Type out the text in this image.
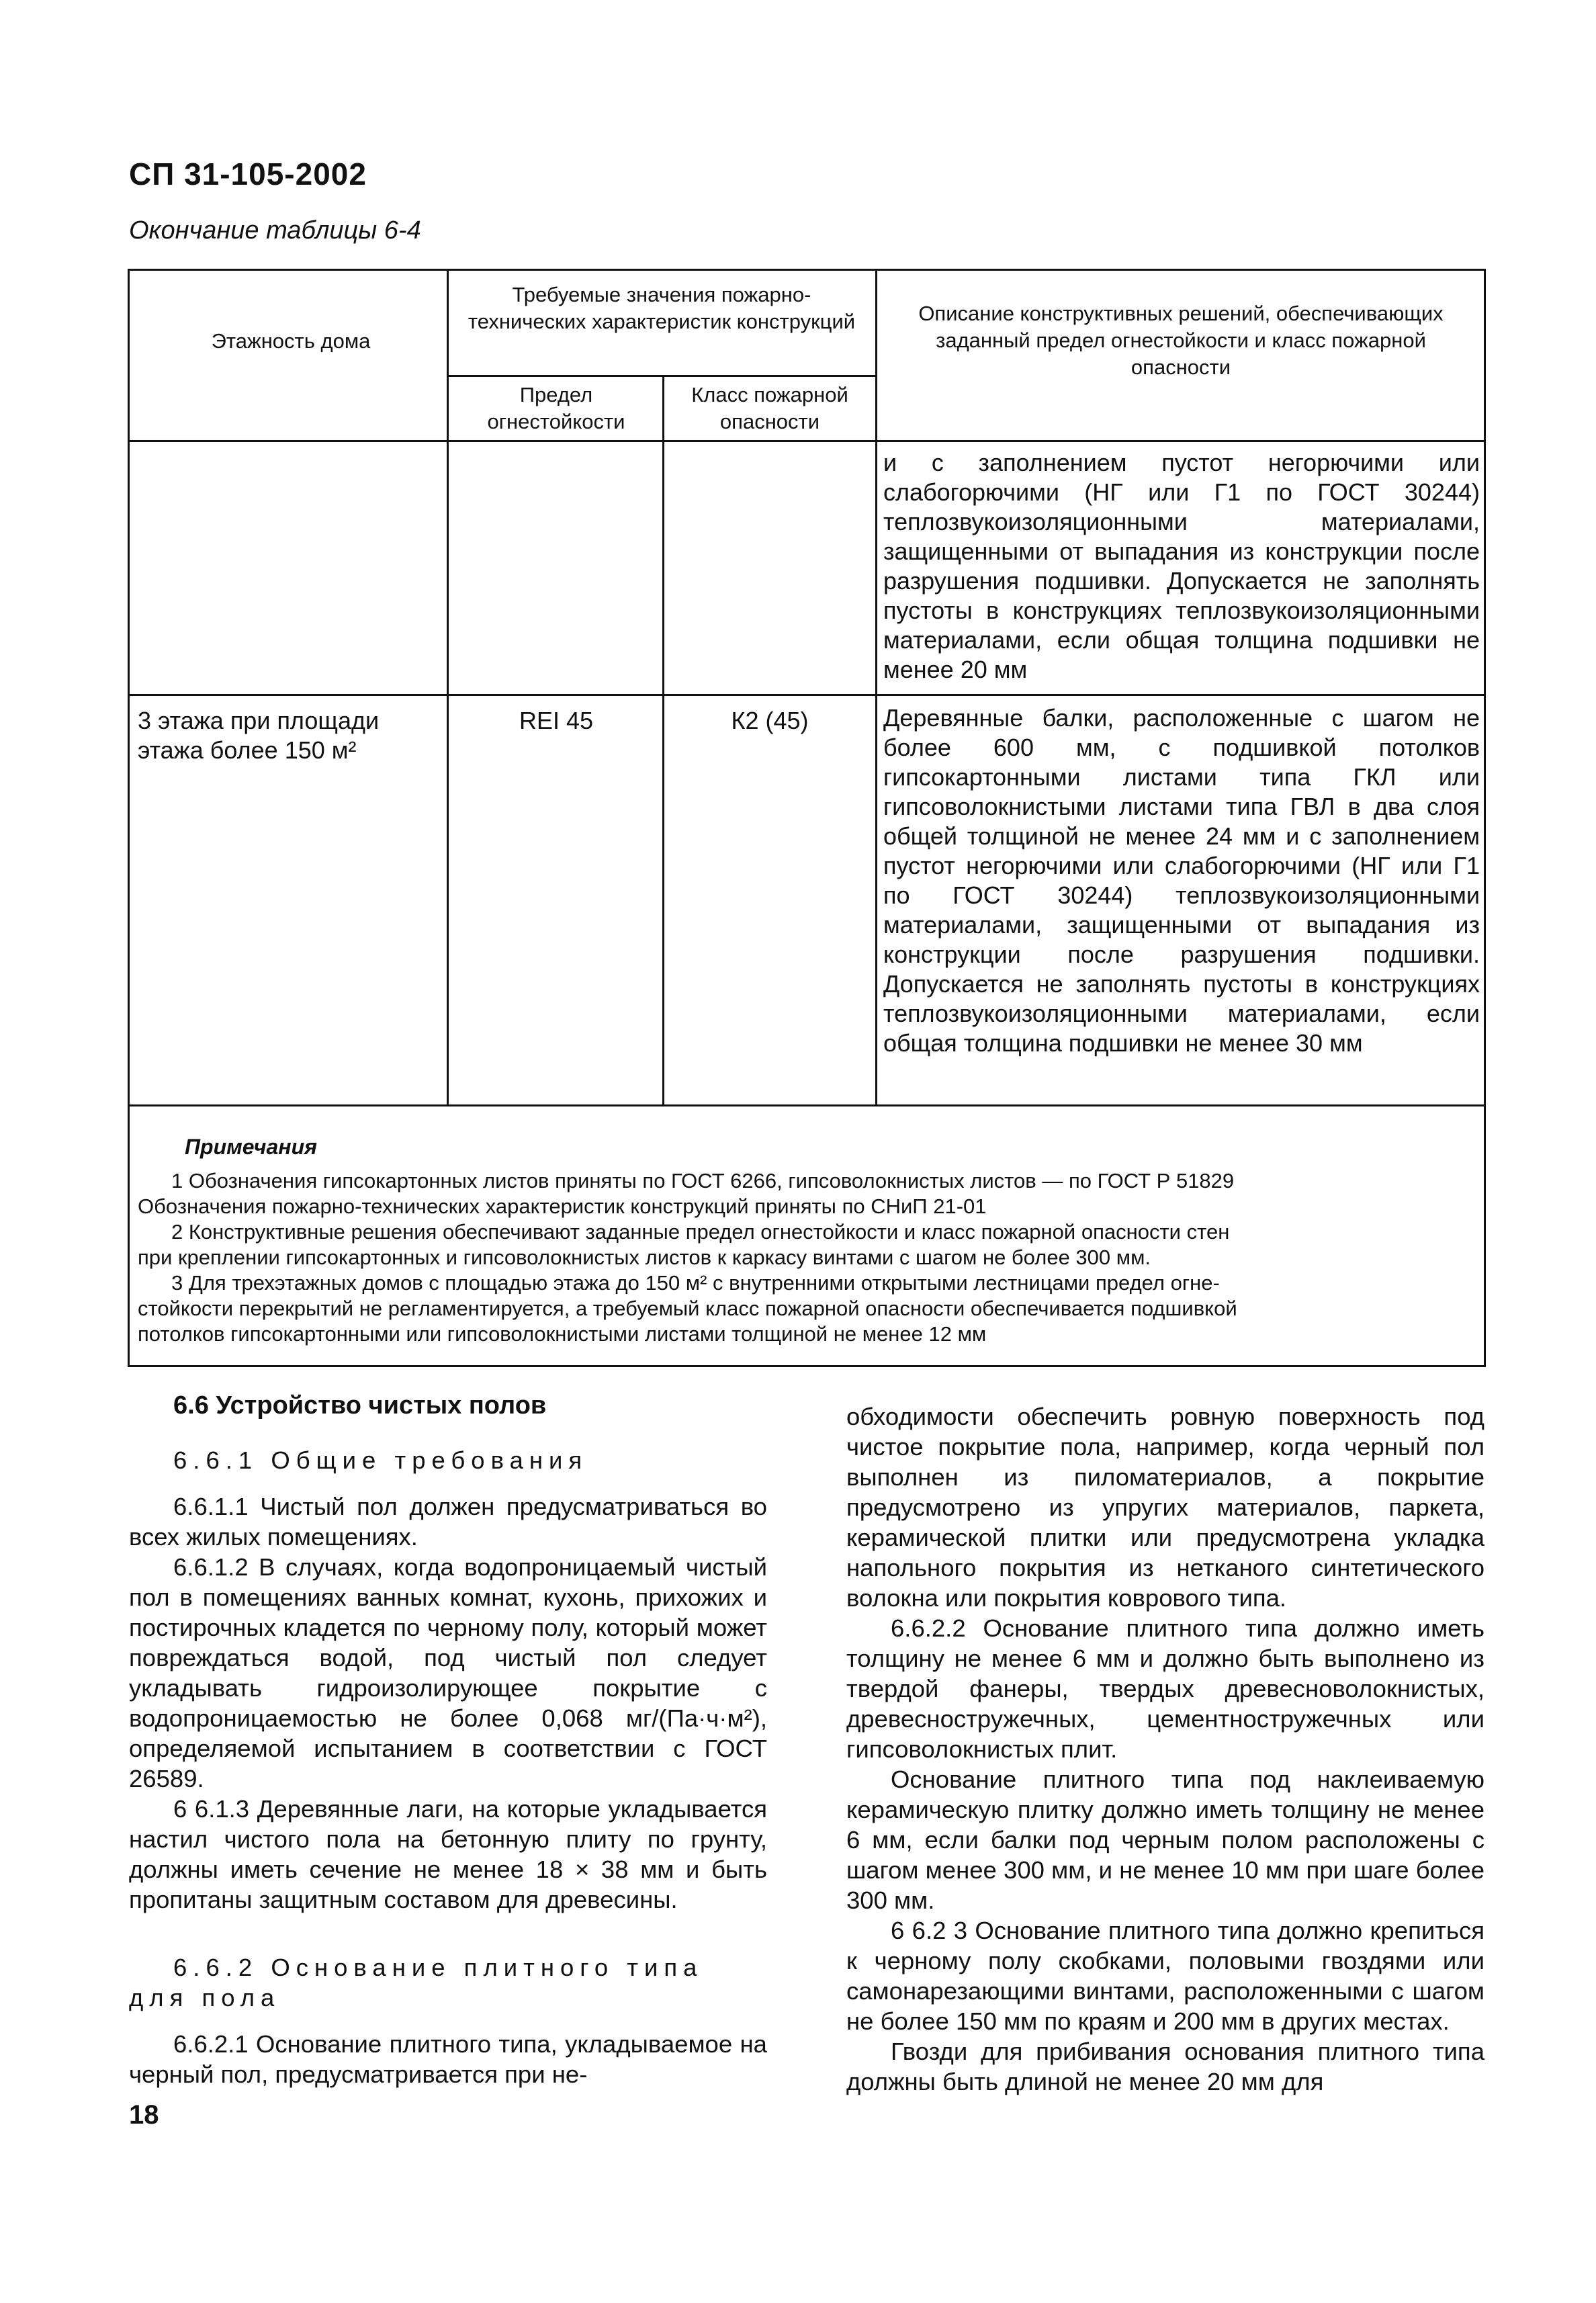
СП 31-105-2002
Окончание таблицы 6-4
Этажность дома
Требуемые значения пожарно-технических характеристик конструкций
Предел огнестойкости
Класс пожарной опасности
Описание конструктивных решений, обеспечивающих заданный предел огнестойкости и класс пожарной опасности
и с заполнением пустот негорючими или слабогорючими (НГ или Г1 по ГОСТ 30244) теплозвукоизоляционными материалами, защищенными от выпадания из конструкции после разрушения подшивки. Допускается не заполнять пустоты в конструкциях теплозвукоизоляционными материалами, если общая толщина подшивки не менее 20 мм
3 этажа при площади этажа более 150 м²
REI 45	К2 (45)	Деревянные балки, расположенные с шагом не более 600 мм, с подшивкой потолков гипсокартонными листами типа ГКЛ или гипсоволокнистыми листами типа ГВЛ в два слоя общей толщиной не менее 24 мм и с заполнением пустот негорючими или слабогорючими (НГ или Г1 по ГОСТ 30244) теплозвукоизоляционными материалами, защищенными от выпадания из конструкции после разрушения подшивки. Допускается не заполнять пустоты в конструкциях теплозвукоизоляционными материалами, если общая толщина подшивки не менее 30 мм
Примечания
1 Обозначения гипсокартонных листов приняты по ГОСТ 6266, гипсоволокнистых листов — по ГОСТ Р 51829
Обозначения пожарно-технических характеристик конструкций приняты по СНиП 21-01
2 Конструктивные решения обеспечивают заданные предел огнестойкости и класс пожарной опасности стен
при креплении гипсокартонных и гипсоволокнистых листов к каркасу винтами с шагом не более 300 мм.
3 Для трехэтажных домов с площадью этажа до 150 м² с внутренними открытыми лестницами предел огне-
стойкости перекрытий не регламентируется, а требуемый класс пожарной опасности обеспечивается подшивкой
потолков гипсокартонными или гипсоволокнистыми листами толщиной не менее 12 мм

6.6 Устройство чистых полов

6.6.1 Общие требования

6.6.1.1 Чистый пол должен предусматриваться во всех жилых помещениях.

6.6.1.2 В случаях, когда водопроницаемый чистый пол в помещениях ванных комнат, кухонь, прихожих и постирочных кладется по черному полу, который может повреждаться водой, под чистый пол следует укладывать гидроизолирующее покрытие с водопроницаемостью не более 0,068 мг/(Па·ч·м²), определяемой испытанием в соответствии с ГОСТ 26589.

6 6.1.3 Деревянные лаги, на которые укладывается настил чистого пола на бетонную плиту по грунту, должны иметь сечение не менее 18 × 38 мм и быть пропитаны защитным составом для древесины.

6.6.2 Основание плитного типа для пола

6.6.2.1 Основание плитного типа, укладываемое на черный пол, предусматривается при не-

обходимости обеспечить ровную поверхность под чистое покрытие пола, например, когда черный пол выполнен из пиломатериалов, а покрытие предусмотрено из упругих материалов, паркета, керамической плитки или предусмотрена укладка напольного покрытия из нетканого синтетического волокна или покрытия коврового типа.

6.6.2.2 Основание плитного типа должно иметь толщину не менее 6 мм и должно быть выполнено из твердой фанеры, твердых древесноволокнистых, древесностружечных, цементностружечных или гипсоволокнистых плит.

Основание плитного типа под наклеиваемую керамическую плитку должно иметь толщину не менее 6 мм, если балки под черным полом расположены с шагом менее 300 мм, и не менее 10 мм при шаге более 300 мм.

6 6.2 3 Основание плитного типа должно крепиться к черному полу скобками, половыми гвоздями или самонарезающими винтами, расположенными с шагом не более 150 мм по краям и 200 мм в других местах.

Гвозди для прибивания основания плитного типа должны быть длиной не менее 20 мм для

18
